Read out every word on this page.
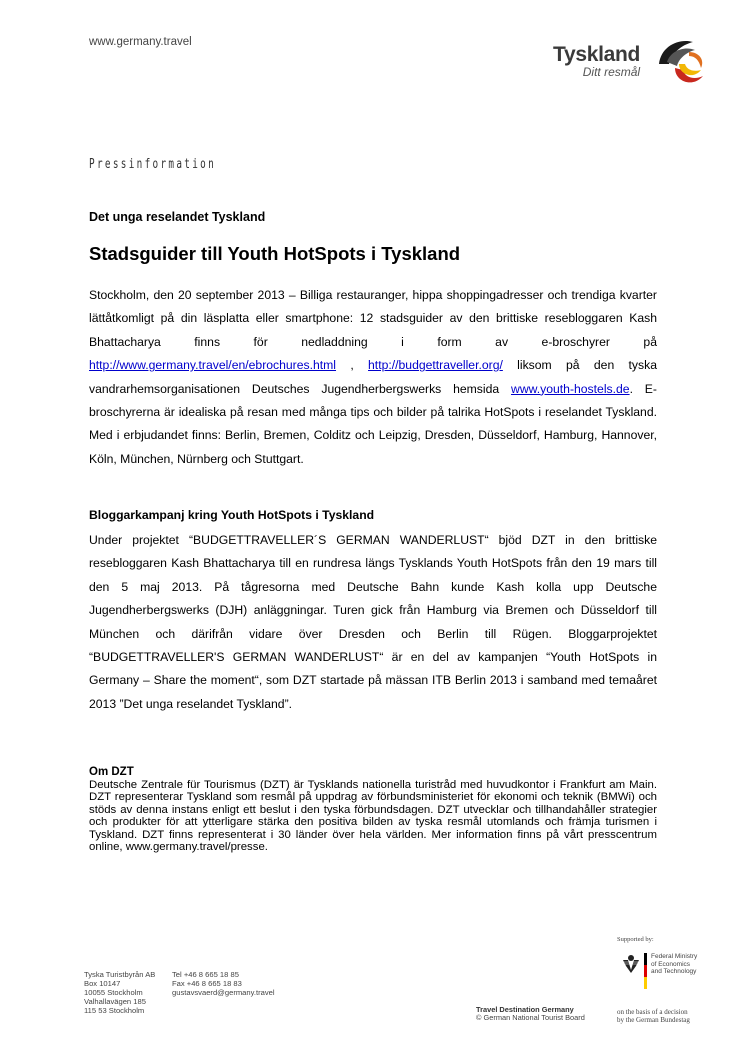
www.germany.travel
Tyskland
Ditt resmål
Pressinformation
Det unga reselandet Tyskland
Stadsguider till Youth HotSpots i Tyskland
Stockholm, den 20 september 2013 – Billiga restauranger, hippa shoppingadresser och trendiga kvarter lättåtkomligt på din läsplatta eller smartphone: 12 stadsguider av den brittiske resebloggaren Kash Bhattacharya finns för nedladdning i form av e-broschyrer på http://www.germany.travel/en/ebrochures.html , http://budgettraveller.org/ liksom på den tyska vandrarhemsorganisationen Deutsches Jugendherbergswerks hemsida www.youth-hostels.de. E-broschyrerna är idealiska på resan med många tips och bilder på talrika HotSpots i reselandet Tyskland. Med i erbjudandet finns: Berlin, Bremen, Colditz och Leipzig, Dresden, Düsseldorf, Hamburg, Hannover, Köln, München, Nürnberg och Stuttgart.
Bloggarkampanj kring Youth HotSpots i Tyskland
Under projektet “BUDGETTRAVELLER´S GERMAN WANDERLUST“ bjöd DZT in den brittiske resebloggaren Kash Bhattacharya till en rundresa längs Tysklands Youth HotSpots från den 19 mars till den 5 maj 2013. På tågresorna med Deutsche Bahn kunde Kash kolla upp Deutsche Jugendherbergswerks (DJH) anläggningar. Turen gick från Hamburg via Bremen och Düsseldorf till München och därifrån vidare över Dresden och Berlin till Rügen. Bloggarprojektet “BUDGETTRAVELLER'S GERMAN WANDERLUST“ är en del av kampanjen “Youth HotSpots in Germany – Share the moment“, som DZT startade på mässan ITB Berlin 2013 i samband med temaåret 2013 ”Det unga reselandet Tyskland”.
Om DZT
Deutsche Zentrale für Tourismus (DZT) är Tysklands nationella turistråd med huvudkontor i Frankfurt am Main. DZT representerar Tyskland som resmål på uppdrag av förbundsministeriet för ekonomi och teknik (BMWi) och stöds av denna instans enligt ett beslut i den tyska förbundsdagen. DZT utvecklar och tillhandahåller strategier och produkter för att ytterligare stärka den positiva bilden av tyska resmål utomlands och främja turismen i Tyskland. DZT finns representerat i 30 länder över hela världen. Mer information finns på vårt presscentrum online, www.germany.travel/presse.
Tyska Turistbyrån AB
Box 10147
10055 Stockholm
Valhallavägen 185
115 53 Stockholm
Tel +46 8 665 18 85
Fax +46 8 665 18 83
gustavsvaerd@germany.travel
Travel Destination Germany
© German National Tourist Board
Supported by:
Federal Ministry
of Economics
and Technology
on the basis of a decision
by the German Bundestag
